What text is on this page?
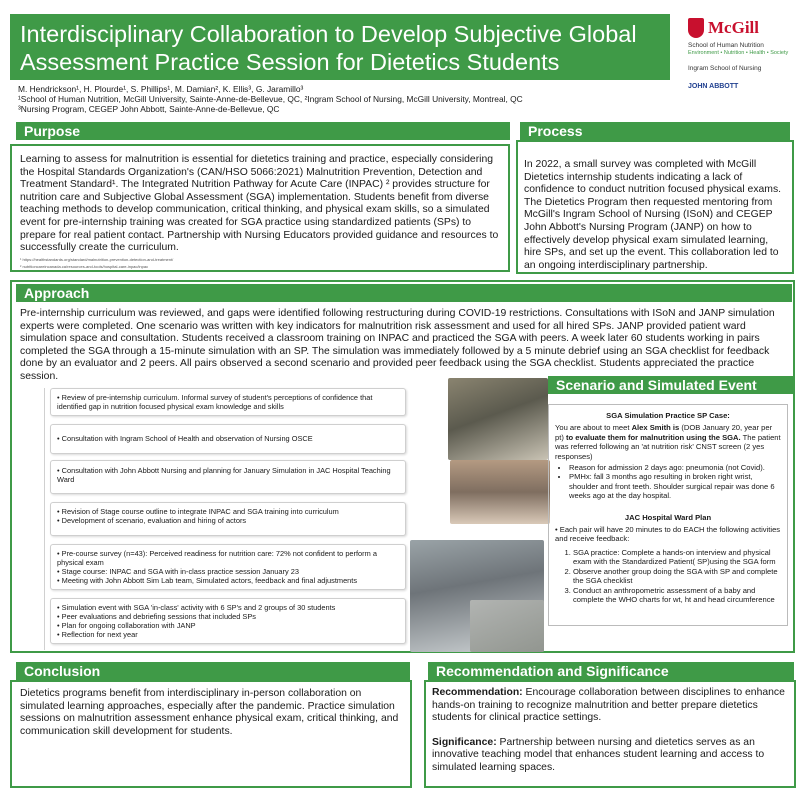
Interdisciplinary Collaboration to Develop Subjective Global Assessment Practice Session for Dietetics Students
M. Hendrickson¹, H. Plourde¹, S. Phillips¹, M. Damian², K. Ellis³, G. Jaramillo³
¹School of Human Nutrition, McGill University, Sainte-Anne-de-Bellevue, QC, ²Ingram School of Nursing, McGill University, Montreal, QC
³Nursing Program, CEGEP John Abbott, Sainte-Anne-de-Bellevue, QC
McGill
School of Human Nutrition
Environment • Nutrition • Health • Society
Ingram School of Nursing
JOHN ABBOTT
Learning to assess for malnutrition is essential for dietetics training and practice, especially considering the Hospital Standards Organization's (CAN/HSO 5066:2021) Malnutrition Prevention, Detection and Treatment Standard¹. The Integrated Nutrition Pathway for Acute Care (INPAC) ² provides structure for nutrition care and Subjective Global Assessment (SGA) implementation. Students benefit from diverse teaching methods to develop communication, critical thinking, and physical exam skills, so a simulated event for pre-internship training was created for SGA practice using standardized patients (SPs) to prepare for real patient contact. Partnership with Nursing Educators provided guidance and resources to successfully create the curriculum.
¹ https://healthstandards.org/standard/malnutrition-prevention-detection-and-treatment/
² nutritioncareincanada.ca/resources-and-tools/hospital-care-inpac/inpac
Purpose
In 2022, a small survey was completed with McGill Dietetics internship students indicating a lack of confidence to conduct nutrition focused physical exams. The Dietetics Program then requested mentoring from McGill's Ingram School of Nursing (ISoN) and CEGEP John Abbott's Nursing Program (JANP) on how to effectively develop physical exam simulated learning, hire SPs, and set up the event. This collaboration led to an ongoing interdisciplinary partnership.
Process
Pre-internship curriculum was reviewed, and gaps were identified following restructuring during COVID-19 restrictions. Consultations with ISoN and JANP simulation experts were completed. One scenario was written with key indicators for malnutrition risk assessment and used for all hired SPs. JANP provided patient ward simulation space and consultation. Students received a classroom training on INPAC and practiced the SGA with peers. A week later 60 students working in pairs completed the SGA through a 15-minute simulation with an SP. The simulation was immediately followed by a 5 minute debrief using an SGA checklist for feedback done by an evaluator and 2 peers. All pairs observed a second scenario and provided peer feedback using the SGA checklist. Students appreciated the practice session.
Approach
• Review of pre-internship curriculum. Informal survey of student's perceptions of confidence that identified gap in nutrition focused physical exam knowledge and skills
• Consultation with Ingram School of Health and observation of Nursing OSCE
• Consultation with John Abbott Nursing and planning for January Simulation in JAC Hospital Teaching Ward
• Revision of Stage course outline to integrate INPAC and SGA training into curriculum
• Development of scenario, evaluation and hiring of actors
• Pre-course survey (n=43): Perceived readiness for nutrition care: 72% not confident to perform a physical exam
• Stage course: INPAC and SGA with in-class practice session January 23
• Meeting with John Abbott Sim Lab team, Simulated actors, feedback and final adjustments
• Simulation event with SGA 'in-class' activity with 6 SP's and 2 groups of 30 students
• Peer evaluations and debriefing sessions that included SPs
• Plan for ongoing collaboration with JANP
• Reflection for next year
Scenario and Simulated Event Plan
SGA Simulation Practice SP Case:
You are about to meet Alex Smith is (DOB January 20, year per pt) to evaluate them for malnutrition using the SGA. The patient was referred following an 'at nutrition risk' CNST screen (2 yes responses)
• Reason for admission 2 days ago: pneumonia (not Covid).
• PMHx: fall 3 months ago resulting in broken right wrist, shoulder and front teeth. Shoulder surgical repair was done 6 weeks ago at the day hospital.
JAC Hospital Ward Plan
• Each pair will have 20 minutes to do EACH the following activities and receive feedback:
1. SGA practice: Complete a hands-on interview and physical exam with the Standardized Patient( SP)using the SGA form
2. Observe another group doing the SGA with SP and complete the SGA checklist
3. Conduct an anthropometric assessment of a baby and complete the WHO charts for wt, ht and head circumference
Dietetics programs benefit from interdisciplinary in-person collaboration on simulated learning approaches, especially after the pandemic. Practice simulation sessions on malnutrition assessment enhance physical exam, critical thinking, and communication skill development for students.
Conclusion
Recommendation: Encourage collaboration between disciplines to enhance hands-on training to recognize malnutrition and better prepare dietetics students for clinical practice settings.
Significance: Partnership between nursing and dietetics serves as an innovative teaching model that enhances student learning and access to simulated learning spaces.
Recommendation and Significance
